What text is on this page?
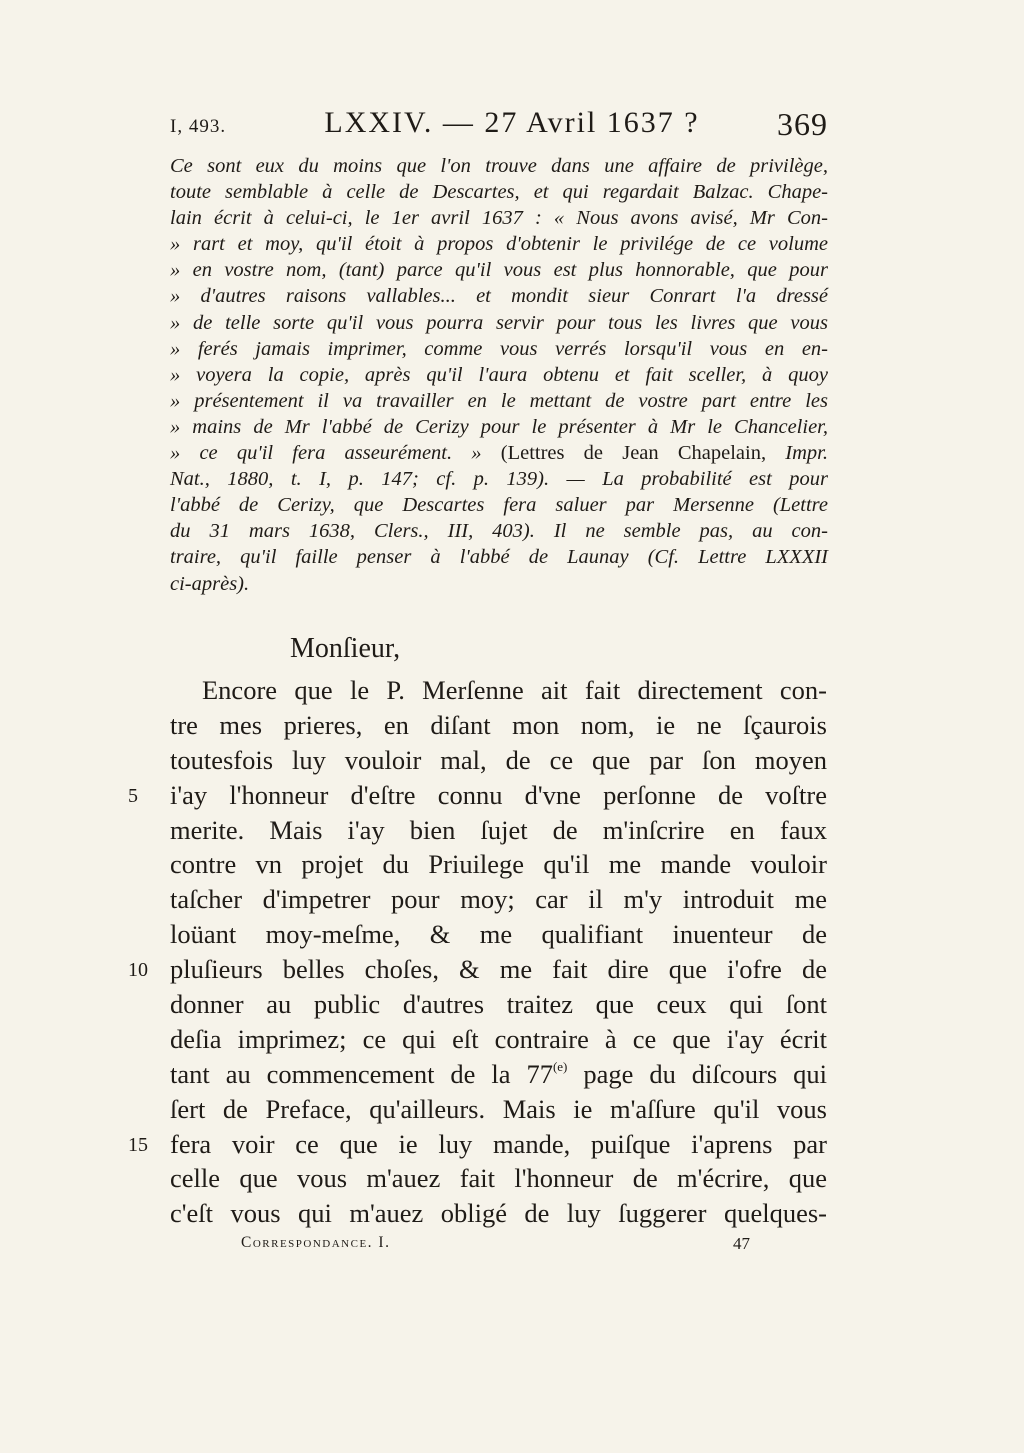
I, 493.	LXXIV. — 27 Avril 1637 ?	369
Ce sont eux du moins que l'on trouve dans une affaire de privilège,
toute semblable à celle de Descartes, et qui regardait Balzac. Chape-
lain écrit à celui-ci, le 1er avril 1637 : « Nous avons avisé, Mr Con-
» rart et moy, qu'il étoit à propos d'obtenir le privilége de ce volume
» en vostre nom, (tant) parce qu'il vous est plus honnorable, que pour
» d'autres raisons vallables... et mondit sieur Conrart l'a dressé
» de telle sorte qu'il vous pourra servir pour tous les livres que vous
» ferés jamais imprimer, comme vous verrés lorsqu'il vous en en-
» voyera la copie, après qu'il l'aura obtenu et fait sceller, à quoy
» présentement il va travailler en le mettant de vostre part entre les
» mains de Mr l'abbé de Cerizy pour le présenter à Mr le Chancelier,
» ce qu'il fera asseurément. » (Lettres de Jean Chapelain, Impr.
Nat., 1880, t. I, p. 147; cf. p. 139). — La probabilité est pour
l'abbé de Cerizy, que Descartes fera saluer par Mersenne (Lettre
du 31 mars 1638, Clers., III, 403). Il ne semble pas, au con-
traire, qu'il faille penser à l'abbé de Launay (Cf. Lettre LXXXII
ci-après).
Monſieur,
Encore que le P. Merſenne ait fait directement con-
tre mes prieres, en diſant mon nom, ie ne ſçaurois
toutesfois luy vouloir mal, de ce que par ſon moyen
i'ay l'honneur d'eſtre connu d'vne perſonne de voſtre
merite. Mais i'ay bien ſujet de m'inſcrire en faux
contre vn projet du Priuilege qu'il me mande vouloir
taſcher d'impetrer pour moy; car il m'y introduit me
loüant moy-meſme, & me qualifiant inuenteur de
pluſieurs belles choſes, & me fait dire que i'ofre de
donner au public d'autres traitez que ceux qui ſont
deſia imprimez; ce qui eſt contraire à ce que i'ay écrit
tant au commencement de la 77$^{(e)}$ page du diſcours qui
ſert de Preface, qu'ailleurs. Mais ie m'aſſure qu'il vous
fera voir ce que ie luy mande, puiſque i'aprens par
celle que vous m'auez fait l'honneur de m'écrire, que
c'eſt vous qui m'auez obligé de luy ſuggerer quelques-
5
10
15
Correspondance. I.	47
